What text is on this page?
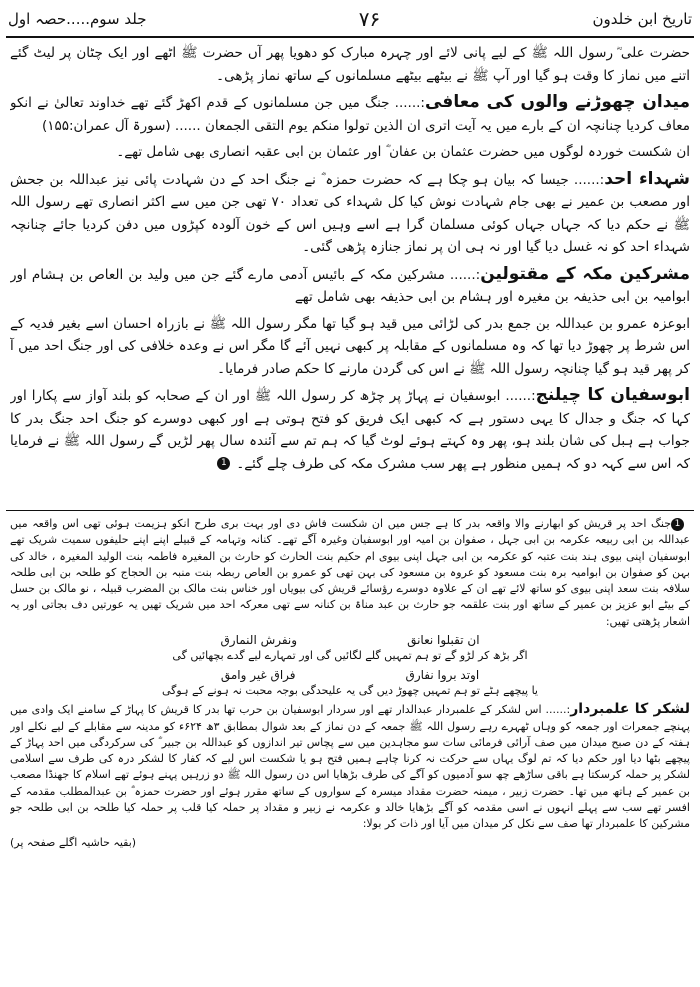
تاریخ ابن خلدون
۷۶
جلد سوم.....حصہ اول

حضرت علی ؓ رسول اللہ ﷺ کے لیے پانی لائے اور چہرہ مبارک کو دھویا پھر آں حضرت ﷺ اٹھے اور ایک چٹان پر لیٹ گئے اتنے میں نماز کا وقت ہو گیا اور آپ ﷺ نے بیٹھے بیٹھے مسلمانوں کے ساتھ نماز پڑھی۔

میدان چھوڑنے والوں کی معافی:...... جنگ میں جن مسلمانوں کے قدم اکھڑ گئے تھے خداوند تعالیٰ نے انکو معاف کردیا چنانچہ ان کے بارے میں یہ آیت اتری ان الذین تولوا منکم یوم التقی الجمعان ...... (سورۃ آل عمران:۱۵۵)

ان شکست خوردہ لوگوں میں حضرت عثمان بن عفان ؓ اور عثمان بن ابی عقبہ انصاری بھی شامل تھے۔

شہداء احد:...... جیسا کہ بیان ہو چکا ہے کہ حضرت حمزہ ؓ نے جنگ احد کے دن شہادت پائی نیز عبداللہ بن جحش اور مصعب بن عمیر نے بھی جام شہادت نوش کیا کل شہداء کی تعداد ۷۰ تھی جن میں سے اکثر انصاری تھے رسول اللہ ﷺ نے حکم دیا کہ جہاں جہاں کوئی مسلمان گرا ہے اسے وہیں اس کے خون آلودہ کپڑوں میں دفن کردیا جائے چنانچہ شہداء احد کو نہ غسل دیا گیا اور نہ ہی ان پر نماز جنازہ پڑھی گئی۔

مشرکین مکہ کے مقتولین:...... مشرکین مکہ کے بائیس آدمی مارے گئے جن میں ولید بن العاص بن ہشام اور ابوامیہ بن ابی حذیفہ بن مغیرہ اور ہشام بن ابی حذیفہ بھی شامل تھے

ابوعزہ عمرو بن عبداللہ بن جمع بدر کی لڑائی میں قید ہو گیا تھا مگر رسول اللہ ﷺ نے بازراہ احسان اسے بغیر فدیہ کے اس شرط پر چھوڑ دیا تھا کہ وہ مسلمانوں کے مقابلہ پر کبھی نہیں آئے گا مگر اس نے وعدہ خلافی کی اور جنگ احد میں آ کر پھر قید ہو گیا چنانچہ رسول اللہ ﷺ نے اس کی گردن مارنے کا حکم صادر فرمایا۔

ابوسفیان کا چیلنج:...... ابوسفیان نے پہاڑ پر چڑھ کر رسول اللہ ﷺ اور ان کے صحابہ کو بلند آواز سے پکارا اور کہا کہ جنگ و جدال کا یہی دستور ہے کہ کبھی ایک فریق کو فتح ہوتی ہے اور کبھی دوسرے کو جنگ احد جنگ بدر کا جواب ہے ہبل کی شان بلند ہو، پھر وہ کہتے ہوئے لوٹ گیا کہ ہم تم سے آئندہ سال پھر لڑیں گے رسول اللہ ﷺ نے فرمایا کہ اس سے کہہ دو کہ ہمیں منظور ہے پھر سب مشرک مکہ کی طرف چلے گئے۔1

1جنگ احد پر قریش کو ابھارنے والا واقعہ بدر کا ہے جس میں ان شکست فاش دی اور بہت بری طرح انکو ہزیمت ہوئی تھی اس واقعہ میں عبداللہ بن ابی ربیعہ عکرمہ بن ابی جہل ، صفوان بن امیہ اور ابوسفیان وغیرہ آگے تھے۔ کنانہ وتہامہ کے قبیلے اپنے اپنے حلیفوں سمیت شریک تھے ابوسفیان اپنی بیوی ہند بنت عتبہ کو عکرمہ بن ابی جہل اپنی بیوی ام حکیم بنت الحارث کو حارث بن المغیرہ فاطمہ بنت الولید المغیرہ ، خالد کی بہن کو صفوان بن ابوامیہ برہ بنت مسعود کو عروہ بن مسعود کی بہن تھی کو عمرو بن العاص ربطہ بنت منبہ بن الحجاج کو طلحہ بن ابی طلحہ سلافہ بنت سعد اپنی بیوی کو ساتھ لائے تھے ان کے علاوہ دوسرے رؤسائے قریش کی بیویاں اور خناس بنت مالک بن المضرب قبیلہ ، نو مالک بن حسل کے بیٹے ابو عزیز بن عمیر کے ساتھ اور بنت علقمہ جو حارث بن عبد مناۃ بن کنانہ سے تھی معرکہ احد میں شریک تھیں یہ عورتیں دف بجاتی اور یہ اشعار پڑھتی تھیں:

ان تقبلوا نعانق
ونفرش النمارق

اگر بڑھ کر لڑو گے تو ہم تمہیں گلے لگائیں گی اور تمہارے لیے گدے بچھائیں گی

اوتد بروا نفارق
فراق غیر وامق

یا پیچھے ہٹے تو ہم تمہیں چھوڑ دیں گی یہ علیحدگی بوجہ محبت نہ ہونے کے ہوگی

لشکر کا علمبردار:...... اس لشکر کے علمبردار عبدالدار تھے اور سردار ابوسفیان بن حرب تھا بدر کا قریش کا پہاڑ کے سامنے ایک وادی میں پہنچے جمعرات اور جمعہ کو وہاں ٹھہرے رہے رسول اللہ ﷺ جمعہ کے دن نماز کے بعد شوال بمطابق ۳ھ ۶۲۴ء کو مدینہ سے مقابلے کے لیے نکلے اور ہفتہ کے دن صبح میدان میں صف آرائی فرمائی سات سو مجاہدین میں سے پچاس تیر اندازوں کو عبداللہ بن جبیر ؓ کی سرکردگی میں احد پہاڑ کے پیچھے بٹھا دیا اور حکم دیا کہ تم لوگ یہاں سے حرکت نہ کرنا چاہے ہمیں فتح ہو یا شکست اس لیے کہ کفار کا لشکر درہ کی طرف سے اسلامی لشکر پر حملہ کرسکتا ہے باقی ساڑھے چھ سو آدمیوں کو آگے کی طرف بڑھایا اس دن رسول اللہ ﷺ دو زرہیں پہنے ہوئے تھے اسلام کا جھنڈا مصعب بن عمیر کے ہاتھ میں تھا۔ حضرت زبیر ، میمنہ حضرت مقداد میسرہ کے سواروں کے ساتھ مقرر ہوئے اور حضرت حمزہ ؓ بن عبدالمطلب مقدمہ کے افسر تھے سب سے پہلے انہوں نے اسی مقدمہ کو آگے بڑھایا خالد و عکرمہ نے زبیر و مقداد پر حملہ کیا قلب پر حملہ کیا طلحہ بن ابی طلحہ جو مشرکین کا علمبردار تھا صف سے نکل کر میدان میں آیا اور ذات کر بولا:

(بقیہ حاشیہ اگلے صفحہ پر)
